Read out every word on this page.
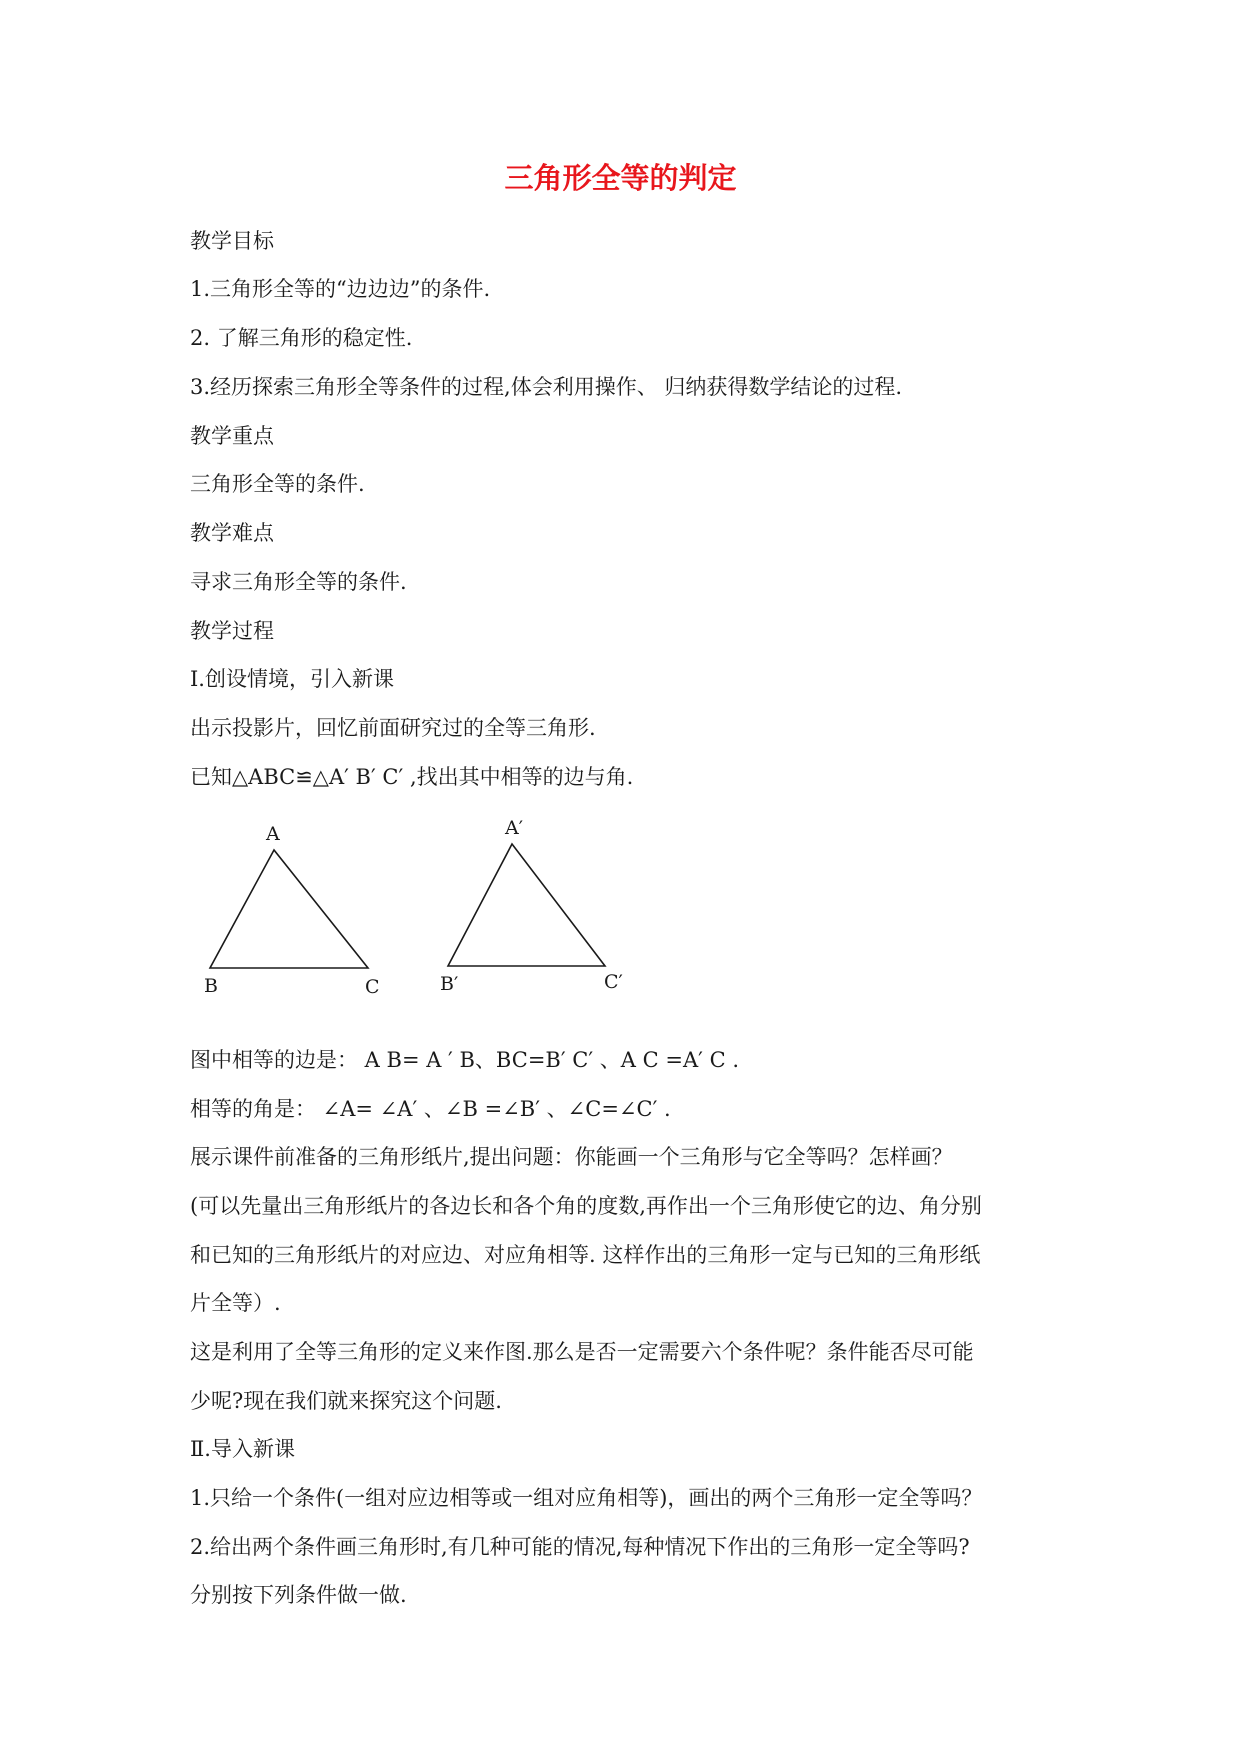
三角形全等的判定
教学目标
1.三角形全等的“边边边”的条件.
2. 了解三角形的稳定性.
3.经历探索三角形全等条件的过程,体会利用操作、 归纳获得数学结论的过程.
教学重点
三角形全等的条件.
教学难点
寻求三角形全等的条件.
教学过程
Ⅰ.创设情境，引入新课
出示投影片，回忆前面研究过的全等三角形.
已知△ABC≌△A′ B′ C′ ,找出其中相等的边与角.
A
B	C
A′
B′	C′
图中相等的边是： A B= A ′ B、BC=B′ C′ 、A C =A′ C .
相等的角是： ∠A= ∠A′ 、∠B =∠B′ 、∠C=∠C′ .
展示课件前准备的三角形纸片,提出问题：你能画一个三角形与它全等吗？怎样画？
(可以先量出三角形纸片的各边长和各个角的度数,再作出一个三角形使它的边、角分别
和已知的三角形纸片的对应边、对应角相等. 这样作出的三角形一定与已知的三角形纸
片全等）.
这是利用了全等三角形的定义来作图.那么是否一定需要六个条件呢？条件能否尽可能
少呢?现在我们就来探究这个问题.
Ⅱ.导入新课
1.只给一个条件(一组对应边相等或一组对应角相等)，画出的两个三角形一定全等吗？
2.给出两个条件画三角形时,有几种可能的情况,每种情况下作出的三角形一定全等吗?
分别按下列条件做一做.
